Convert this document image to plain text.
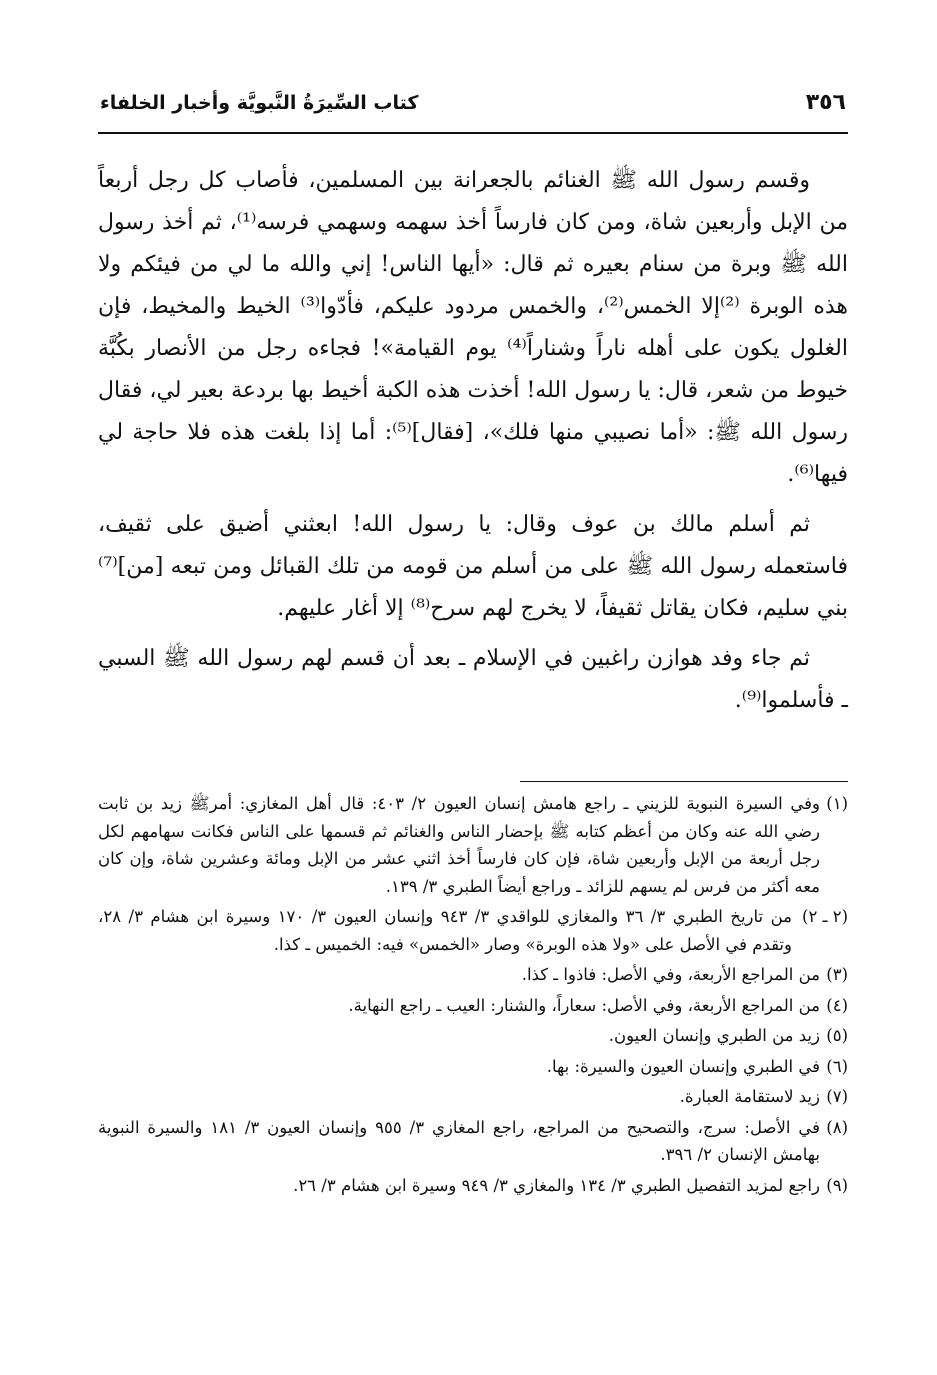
٣٥٦
كتاب السِّيرَةُ النَّبويَّة وأخبار الخلفاء

وقسم رسول الله ﷺ الغنائم بالجعرانة بين المسلمين، فأصاب كل رجل أربعاً من الإبل وأربعين شاة، ومن كان فارساً أخذ سهمه وسهمي فرسه⁽¹⁾، ثم أخذ رسول الله ﷺ وبرة من سنام بعيره ثم قال: «أيها الناس! إني والله ما لي من فيئكم ولا هذه الوبرة ⁽²⁾إلا الخمس⁽²⁾، والخمس مردود عليكم، فأدّوا⁽³⁾ الخيط والمخيط، فإن الغلول يكون على أهله ناراً وشناراً⁽⁴⁾ يوم القيامة»! فجاءه رجل من الأنصار بكُبَّة خيوط من شعر، قال: يا رسول الله! أخذت هذه الكبة أخيط بها بردعة بعير لي، فقال رسول الله ﷺ: «أما نصيبي منها فلك»، [فقال]⁽⁵⁾: أما إذا بلغت هذه فلا حاجة لي فيها⁽⁶⁾.

ثم أسلم مالك بن عوف وقال: يا رسول الله! ابعثني أضيق على ثقيف، فاستعمله رسول الله ﷺ على من أسلم من قومه من تلك القبائل ومن تبعه [من]⁽⁷⁾ بني سليم، فكان يقاتل ثقيفاً، لا يخرج لهم سرح⁽⁸⁾ إلا أغار عليهم.

ثم جاء وفد هوازن راغبين في الإسلام ـ بعد أن قسم لهم رسول الله ﷺ السبي ـ فأسلموا⁽⁹⁾.

(١)
وفي السيرة النبوية للزيني ـ راجع هامش إنسان العيون ٢/ ٤٠٣: قال أهل المغازي: أمرﷺ زيد بن ثابت رضي الله عنه وكان من أعظم كتابه ﷺ بإحضار الناس والغنائم ثم قسمها على الناس فكانت سهامهم لكل رجل أربعة من الإبل وأربعين شاة، فإن كان فارساً أخذ اثني عشر من الإبل ومائة وعشرين شاة، وإن كان معه أكثر من فرس لم يسهم للزائد ـ وراجع أيضاً الطبري ٣/ ١٣٩.
(٢ ـ ٢)
من تاريخ الطبري ٣/ ٣٦ والمغازي للواقدي ٣/ ٩٤٣ وإنسان العيون ٣/ ١٧٠ وسيرة ابن هشام ٣/ ٢٨، وتقدم في الأصل على «ولا هذه الوبرة» وصار «الخمس» فيه: الخميس ـ كذا.
(٣)
من المراجع الأربعة، وفي الأصل: فاذوا ـ كذا.
(٤)
من المراجع الأربعة، وفي الأصل: سعاراً، والشنار: العيب ـ راجع النهاية.
(٥)
زيد من الطبري وإنسان العيون.
(٦)
في الطبري وإنسان العيون والسيرة: بها.
(٧)
زيد لاستقامة العبارة.
(٨)
في الأصل: سرج، والتصحيح من المراجع، راجع المغازي ٣/ ٩٥٥ وإنسان العيون ٣/ ١٨١ والسيرة النبوية بهامش الإنسان ٢/ ٣٩٦.
(٩)
راجع لمزيد التفصيل الطبري ٣/ ١٣٤ والمغازي ٣/ ٩٤٩ وسيرة ابن هشام ٣/ ٢٦.
